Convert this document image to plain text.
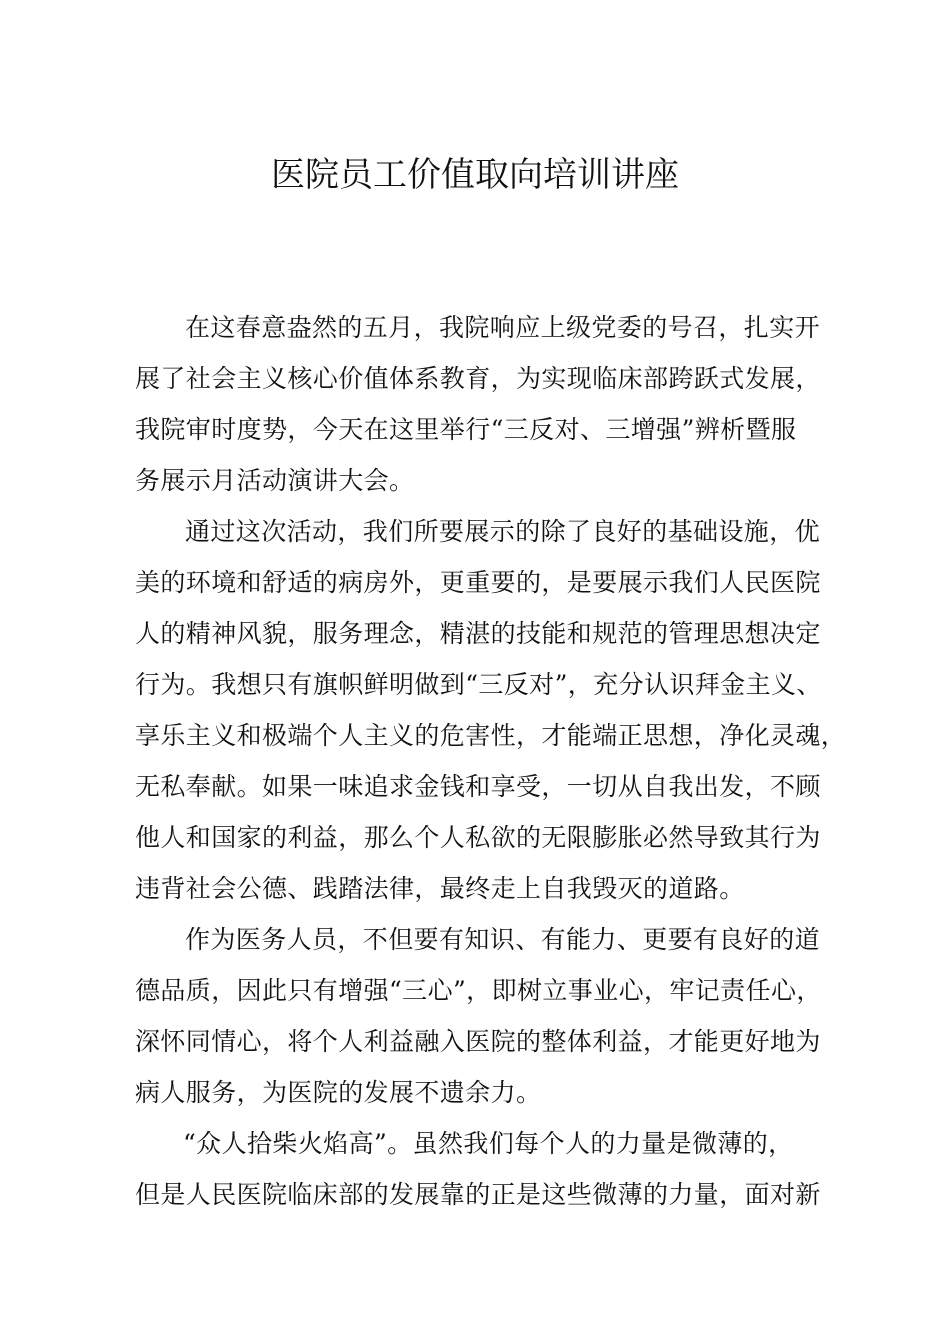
医院员工价值取向培训讲座

在这春意盎然的五月，我院响应上级党委的号召，扎实开

展了社会主义核心价值体系教育，为实现临床部跨跃式发展，

我院审时度势，今天在这里举行“三反对、三增强”辨析暨服

务展示月活动演讲大会。

通过这次活动，我们所要展示的除了良好的基础设施，优

美的环境和舒适的病房外，更重要的，是要展示我们人民医院

人的精神风貌，服务理念，精湛的技能和规范的管理思想决定

行为。我想只有旗帜鲜明做到“三反对”，充分认识拜金主义、

享乐主义和极端个人主义的危害性，才能端正思想，净化灵魂，

无私奉献。如果一味追求金钱和享受，一切从自我出发，不顾

他人和国家的利益，那么个人私欲的无限膨胀必然导致其行为

违背社会公德、践踏法律，最终走上自我毁灭的道路。

作为医务人员，不但要有知识、有能力、更要有良好的道

德品质，因此只有增强“三心”，即树立事业心，牢记责任心，

深怀同情心，将个人利益融入医院的整体利益，才能更好地为

病人服务，为医院的发展不遗余力。

“众人拾柴火焰高”。虽然我们每个人的力量是微薄的，

但是人民医院临床部的发展靠的正是这些微薄的力量，面对新
